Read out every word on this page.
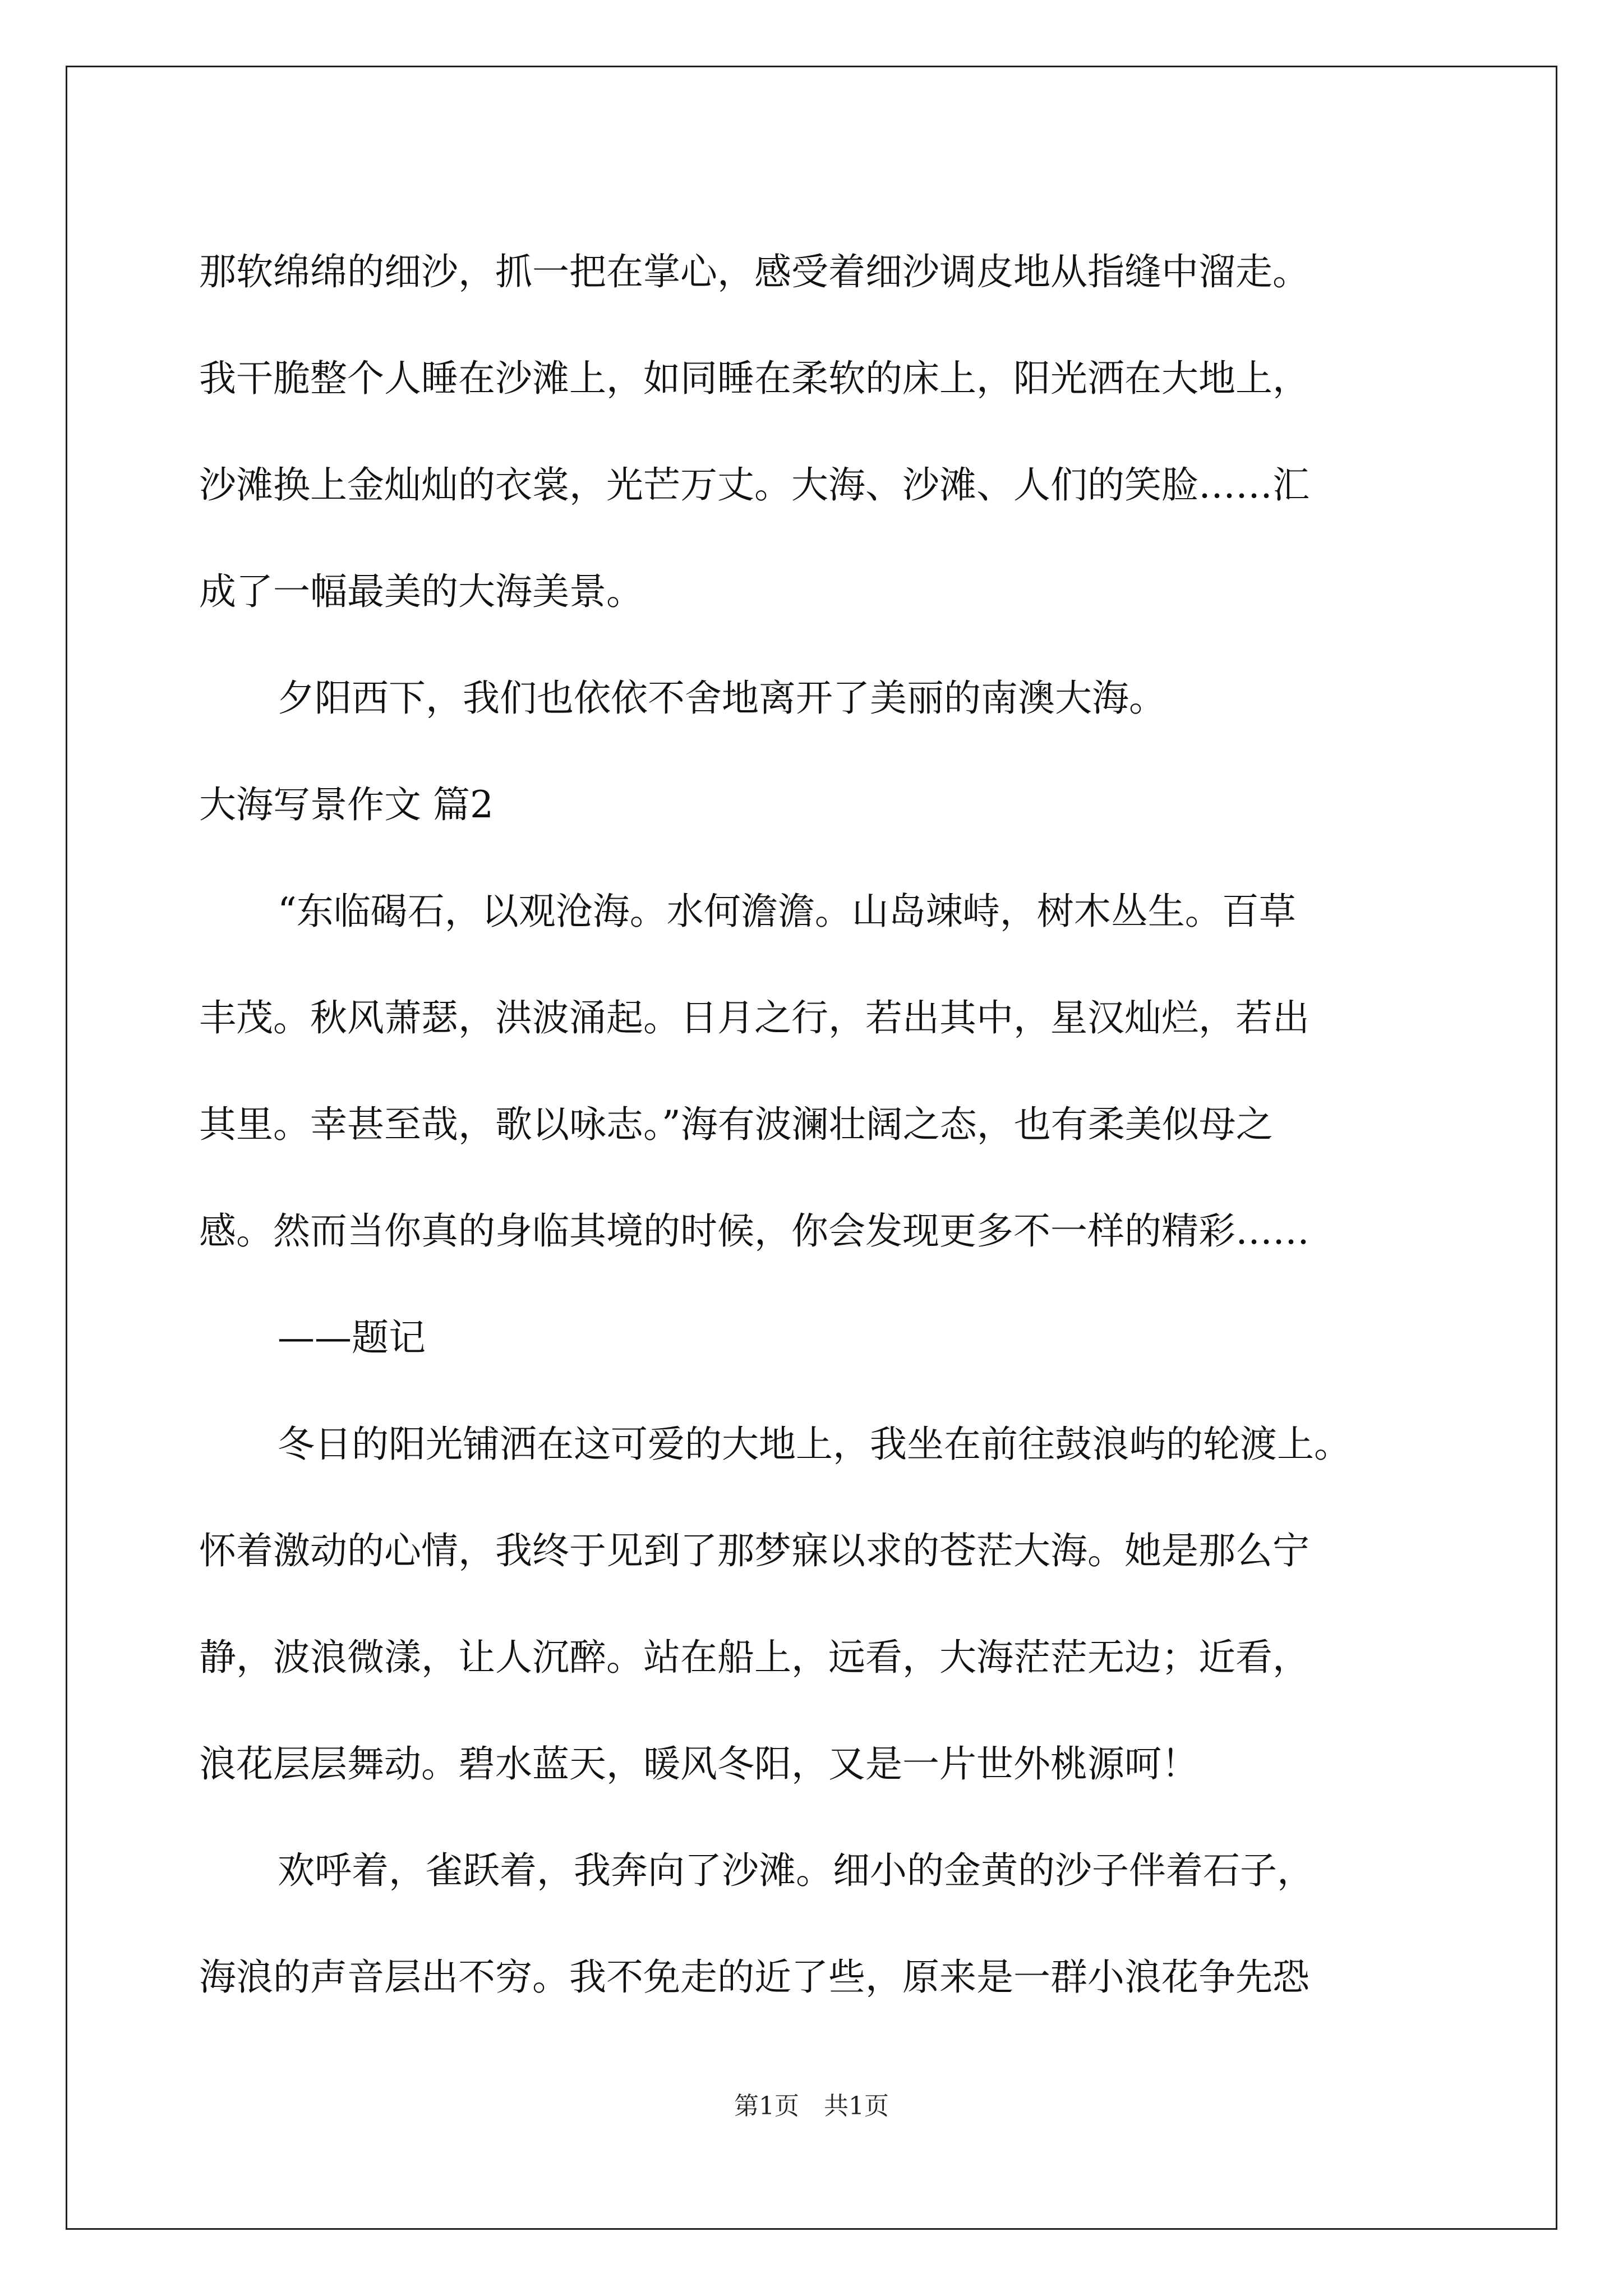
那软绵绵的细沙，抓一把在掌心，感受着细沙调皮地从指缝中溜走。
我干脆整个人睡在沙滩上，如同睡在柔软的床上，阳光洒在大地上，
沙滩换上金灿灿的衣裳，光芒万丈。大海、沙滩、人们的笑脸……汇
成了一幅最美的大海美景。
夕阳西下，我们也依依不舍地离开了美丽的南澳大海。
大海写景作文 篇2
“东临碣石，以观沧海。水何澹澹。山岛竦峙，树木丛生。百草
丰茂。秋风萧瑟，洪波涌起。日月之行，若出其中，星汉灿烂，若出
其里。幸甚至哉，歌以咏志。”海有波澜壮阔之态，也有柔美似母之
感。然而当你真的身临其境的时候，你会发现更多不一样的精彩……
——题记
冬日的阳光铺洒在这可爱的大地上，我坐在前往鼓浪屿的轮渡上。
怀着激动的心情，我终于见到了那梦寐以求的苍茫大海。她是那么宁
静，波浪微漾，让人沉醉。站在船上，远看，大海茫茫无边；近看，
浪花层层舞动。碧水蓝天，暖风冬阳，又是一片世外桃源呵！
欢呼着，雀跃着，我奔向了沙滩。细小的金黄的沙子伴着石子，
海浪的声音层出不穷。我不免走的近了些，原来是一群小浪花争先恐
第1页　共1页
